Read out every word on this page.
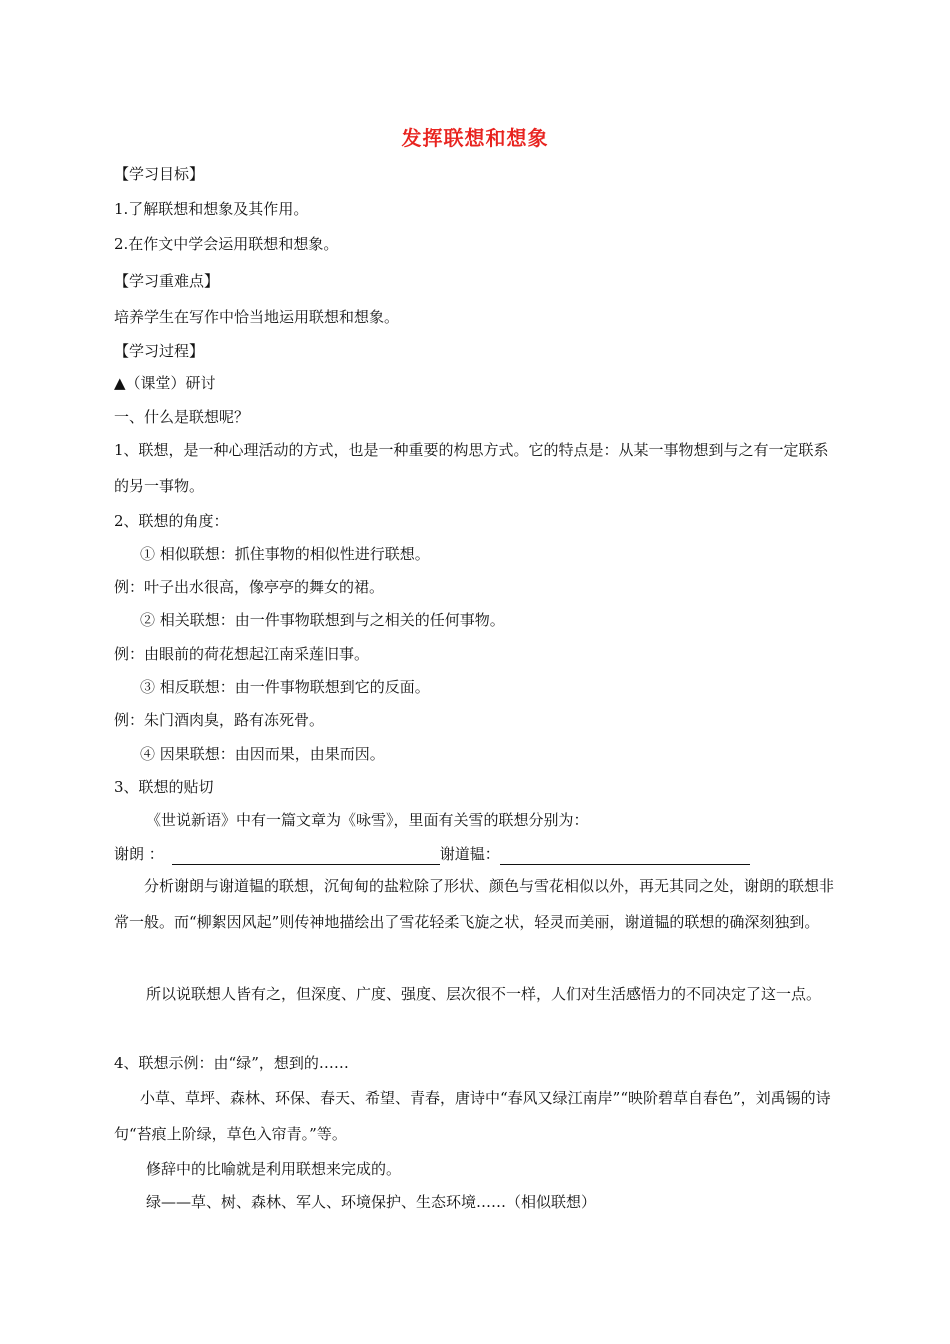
发挥联想和想象
【学习目标】
1.了解联想和想象及其作用。
2.在作文中学会运用联想和想象。
【学习重难点】
培养学生在写作中恰当地运用联想和想象。
【学习过程】
▲（课堂）研讨
一、什么是联想呢？
1、联想，是一种心理活动的方式，也是一种重要的构思方式。它的特点是：从某一事物想到与之有一定联系的另一事物。
2、联想的角度：
① 相似联想：抓住事物的相似性进行联想。
例：叶子出水很高，像亭亭的舞女的裙。
② 相关联想：由一件事物联想到与之相关的任何事物。
例：由眼前的荷花想起江南采莲旧事。
③ 相反联想：由一件事物联想到它的反面。
例：朱门酒肉臭，路有冻死骨。
④ 因果联想：由因而果，由果而因。
3、联想的贴切
《世说新语》中有一篇文章为《咏雪》，里面有关雪的联想分别为：
谢朗 ：	谢道韫：
分析谢朗与谢道韫的联想，沉甸甸的盐粒除了形状、颜色与雪花相似以外，再无其同之处，谢朗的联想非常一般。而“柳絮因风起”则传神地描绘出了雪花轻柔飞旋之状，轻灵而美丽，谢道韫的联想的确深刻独到。
所以说联想人皆有之，但深度、广度、强度、层次很不一样，人们对生活感悟力的不同决定了这一点。
4、联想示例：由“绿”，想到的……
小草、草坪、森林、环保、春天、希望、青春，唐诗中“春风又绿江南岸”“映阶碧草自春色”，刘禹锡的诗句“苔痕上阶绿，草色入帘青。”等。
修辞中的比喻就是利用联想来完成的。
绿——草、树、森林、军人、环境保护、生态环境……（相似联想）
